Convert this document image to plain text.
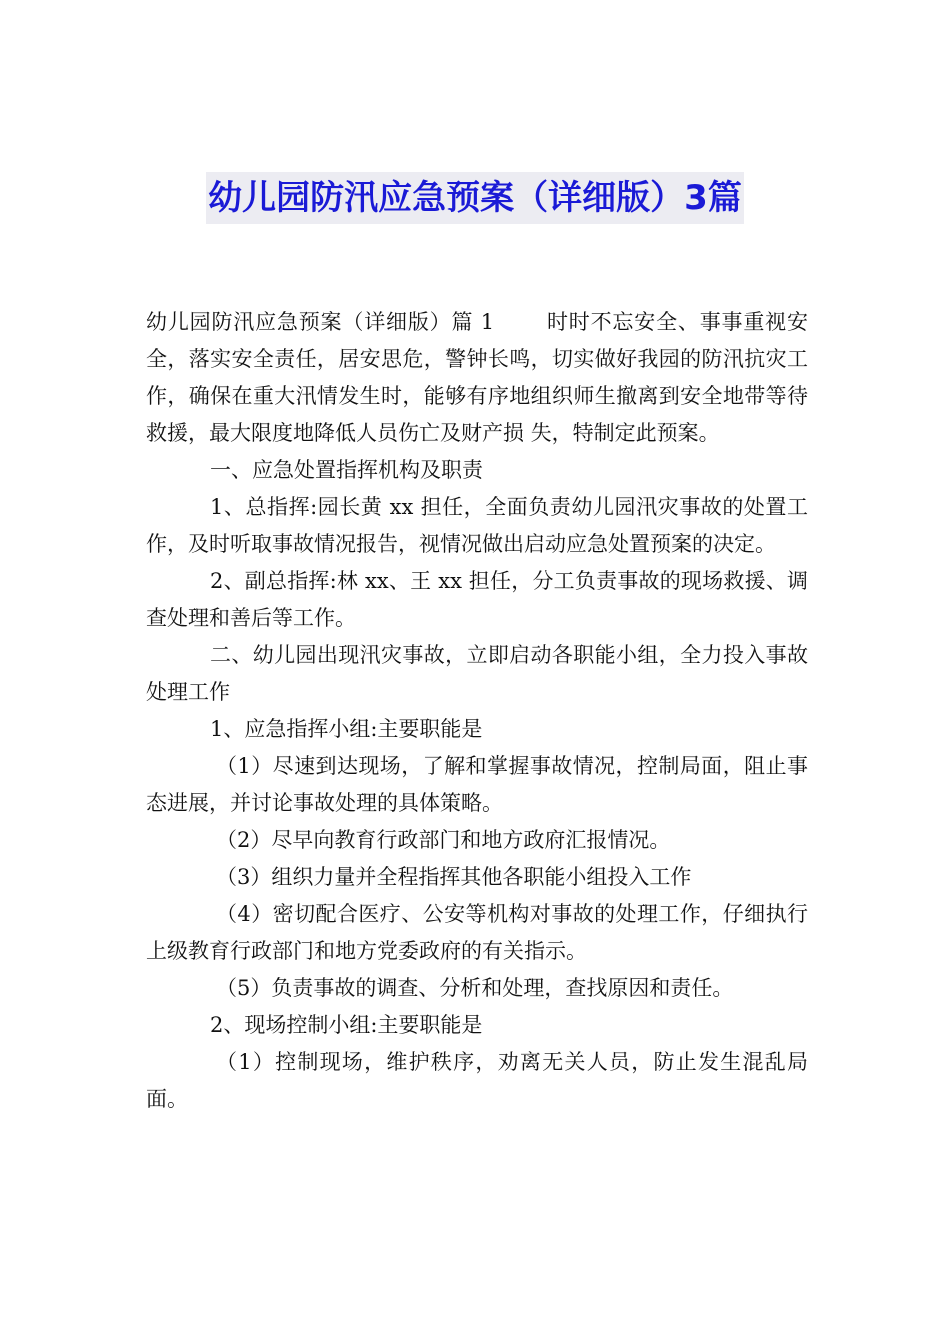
幼儿园防汛应急预案（详细版）3篇

幼儿园防汛应急预案（详细版）篇 1 时时不忘安全、事事重视安全，落实安全责任，居安思危，警钟长鸣，切实做好我园的防汛抗灾工作，确保在重大汛情发生时，能够有序地组织师生撤离到安全地带等待救援，最大限度地降低人员伤亡及财产损 失，特制定此预案。

一、应急处置指挥机构及职责

1、总指挥:园长黄 xx 担任，全面负责幼儿园汛灾事故的处置工作，及时听取事故情况报告，视情况做出启动应急处置预案的决定。

2、副总指挥:林 xx、王 xx 担任，分工负责事故的现场救援、调查处理和善后等工作。

二、幼儿园出现汛灾事故，立即启动各职能小组，全力投入事故处理工作

1、应急指挥小组:主要职能是

（1）尽速到达现场，了解和掌握事故情况，控制局面，阻止事态进展，并讨论事故处理的具体策略。

（2）尽早向教育行政部门和地方政府汇报情况。

（3）组织力量并全程指挥其他各职能小组投入工作

（4）密切配合医疗、公安等机构对事故的处理工作，仔细执行上级教育行政部门和地方党委政府的有关指示。

（5）负责事故的调查、分析和处理，查找原因和责任。

2、现场控制小组:主要职能是

（1）控制现场，维护秩序，劝离无关人员，防止发生混乱局面。
